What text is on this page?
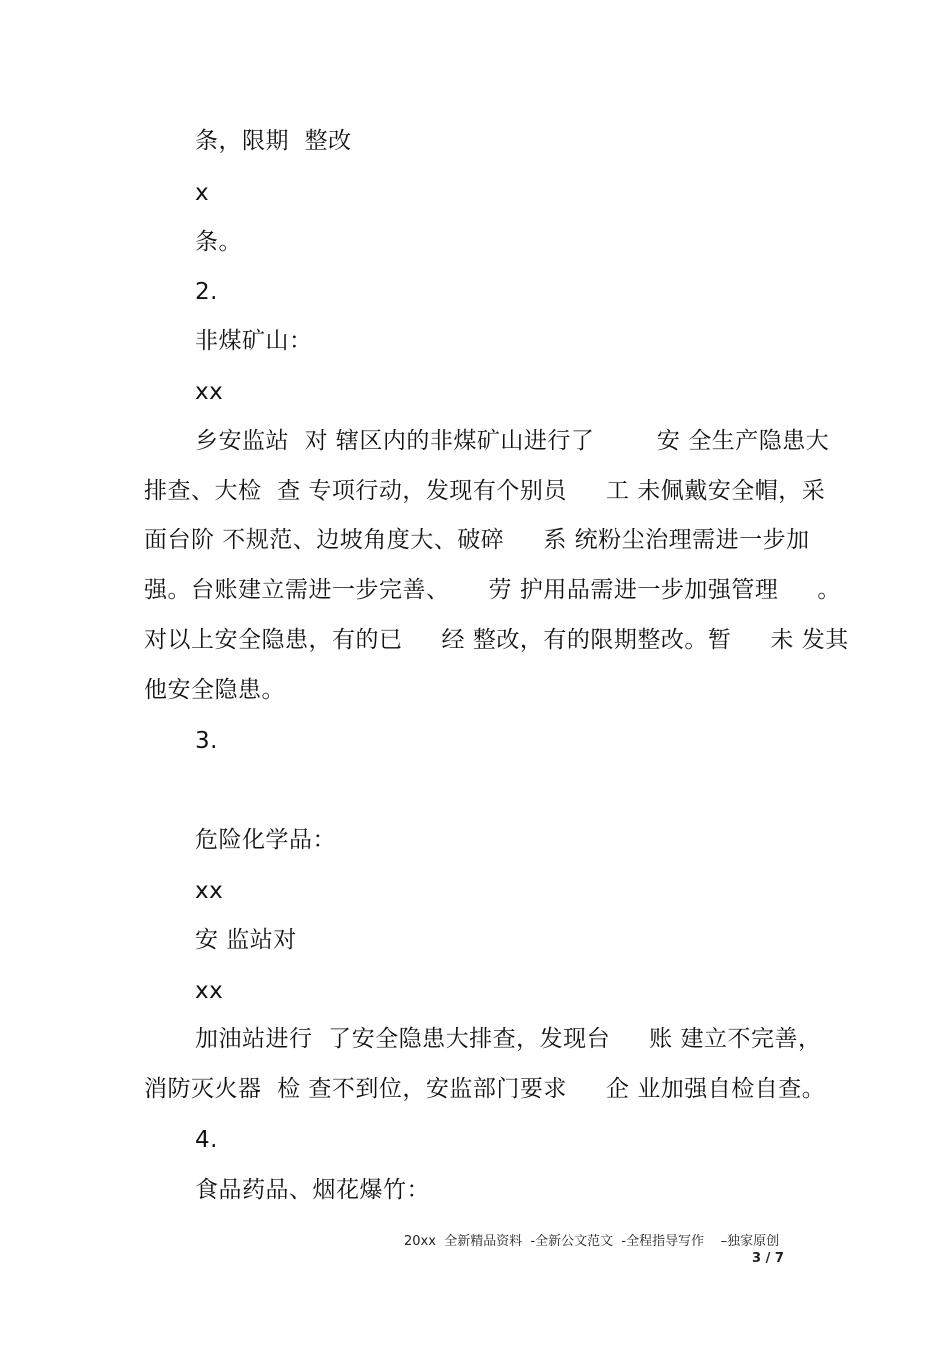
条，限期  整改
x
条。
2.
非煤矿山：
xx
乡安监站  对 辖区内的非煤矿山进行了        安 全生产隐患大
排查、大检  查 专项行动，发现有个别员     工 未佩戴安全帽，采
面台阶 不规范、边坡角度大、破碎     系 统粉尘治理需进一步加
强。台账建立需进一步完善、     劳 护用品需进一步加强管理     。
对以上安全隐患，有的已     经 整改，有的限期整改。暂     未 发其
他安全隐患。
3.
危险化学品：
xx
安 监站对
xx
加油站进行  了安全隐患大排查，发现台     账 建立不完善，
消防灭火器  检 查不到位，安监部门要求     企 业加强自检自查。
4.
食品药品、烟花爆竹：
20xx  全新精品资料  -全新公文范文  -全程指导写作    –独家原创
3 / 7
